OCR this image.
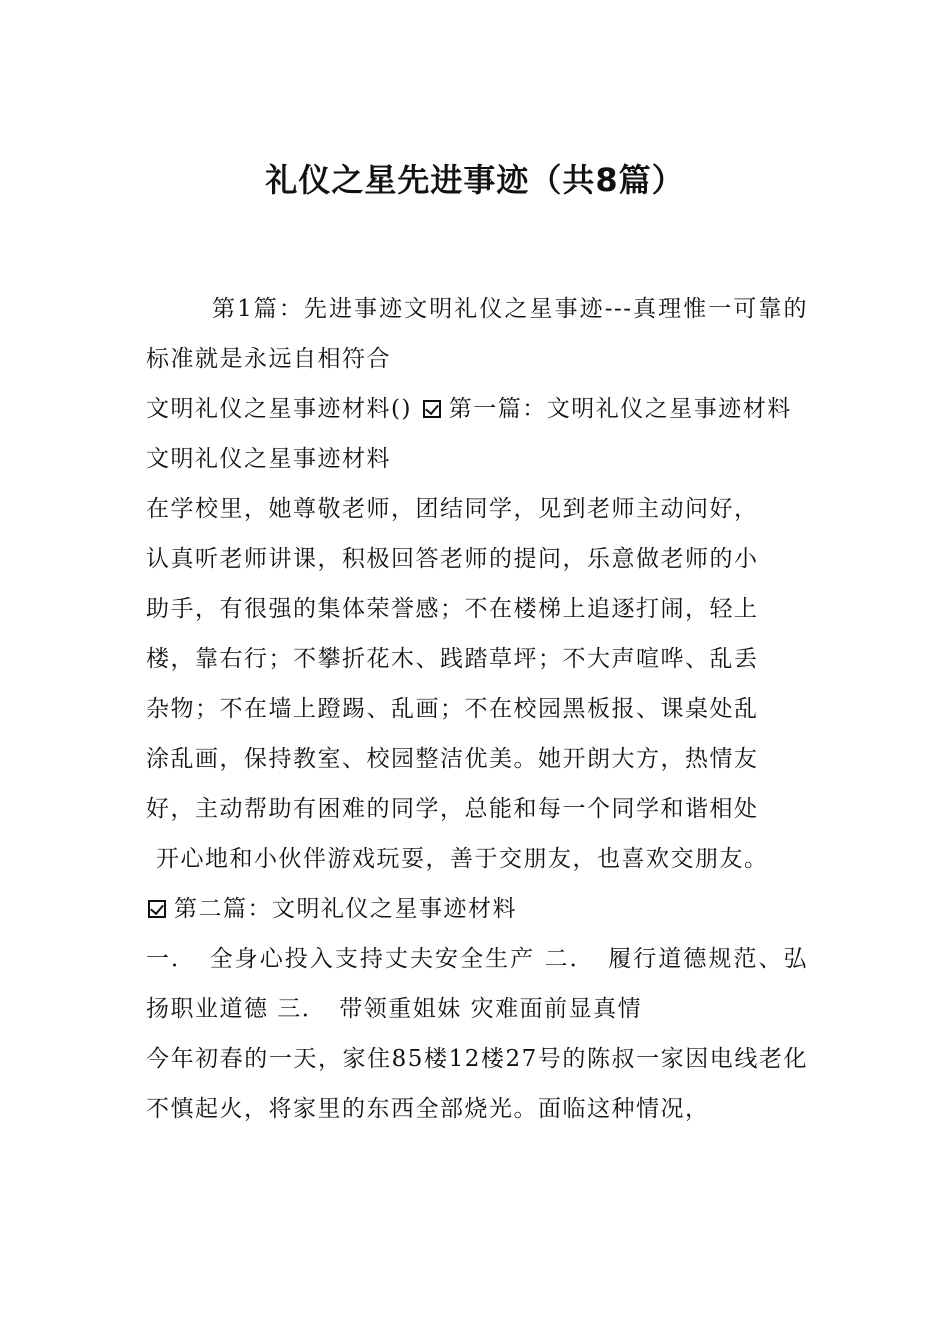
礼仪之星先进事迹（共8篇）

第1篇：先进事迹文明礼仪之星事迹---真理惟一可靠的标准就是永远自相符合

文明礼仪之星事迹材料() 第一篇：文明礼仪之星事迹材料

文明礼仪之星事迹材料

在学校里，她尊敬老师，团结同学，见到老师主动问好，

认真听老师讲课，积极回答老师的提问，乐意做老师的小

助手，有很强的集体荣誉感；不在楼梯上追逐打闹，轻上

楼，靠右行；不攀折花木、践踏草坪；不大声喧哗、乱丢

杂物；不在墙上蹬踢、乱画；不在校园黑板报、课桌处乱

涂乱画，保持教室、校园整洁优美。她开朗大方，热情友

好，主动帮助有困难的同学，总能和每一个同学和谐相处

开心地和小伙伴游戏玩耍，善于交朋友，也喜欢交朋友。

第二篇：文明礼仪之星事迹材料

一．　全身心投入支持丈夫安全生产 二．　履行道德规范、弘扬职业道德 三．　带领重姐妹 灾难面前显真情

今年初春的一天，家住85楼12楼27号的陈叔一家因电线老化不慎起火，将家里的东西全部烧光。面临这种情况，
